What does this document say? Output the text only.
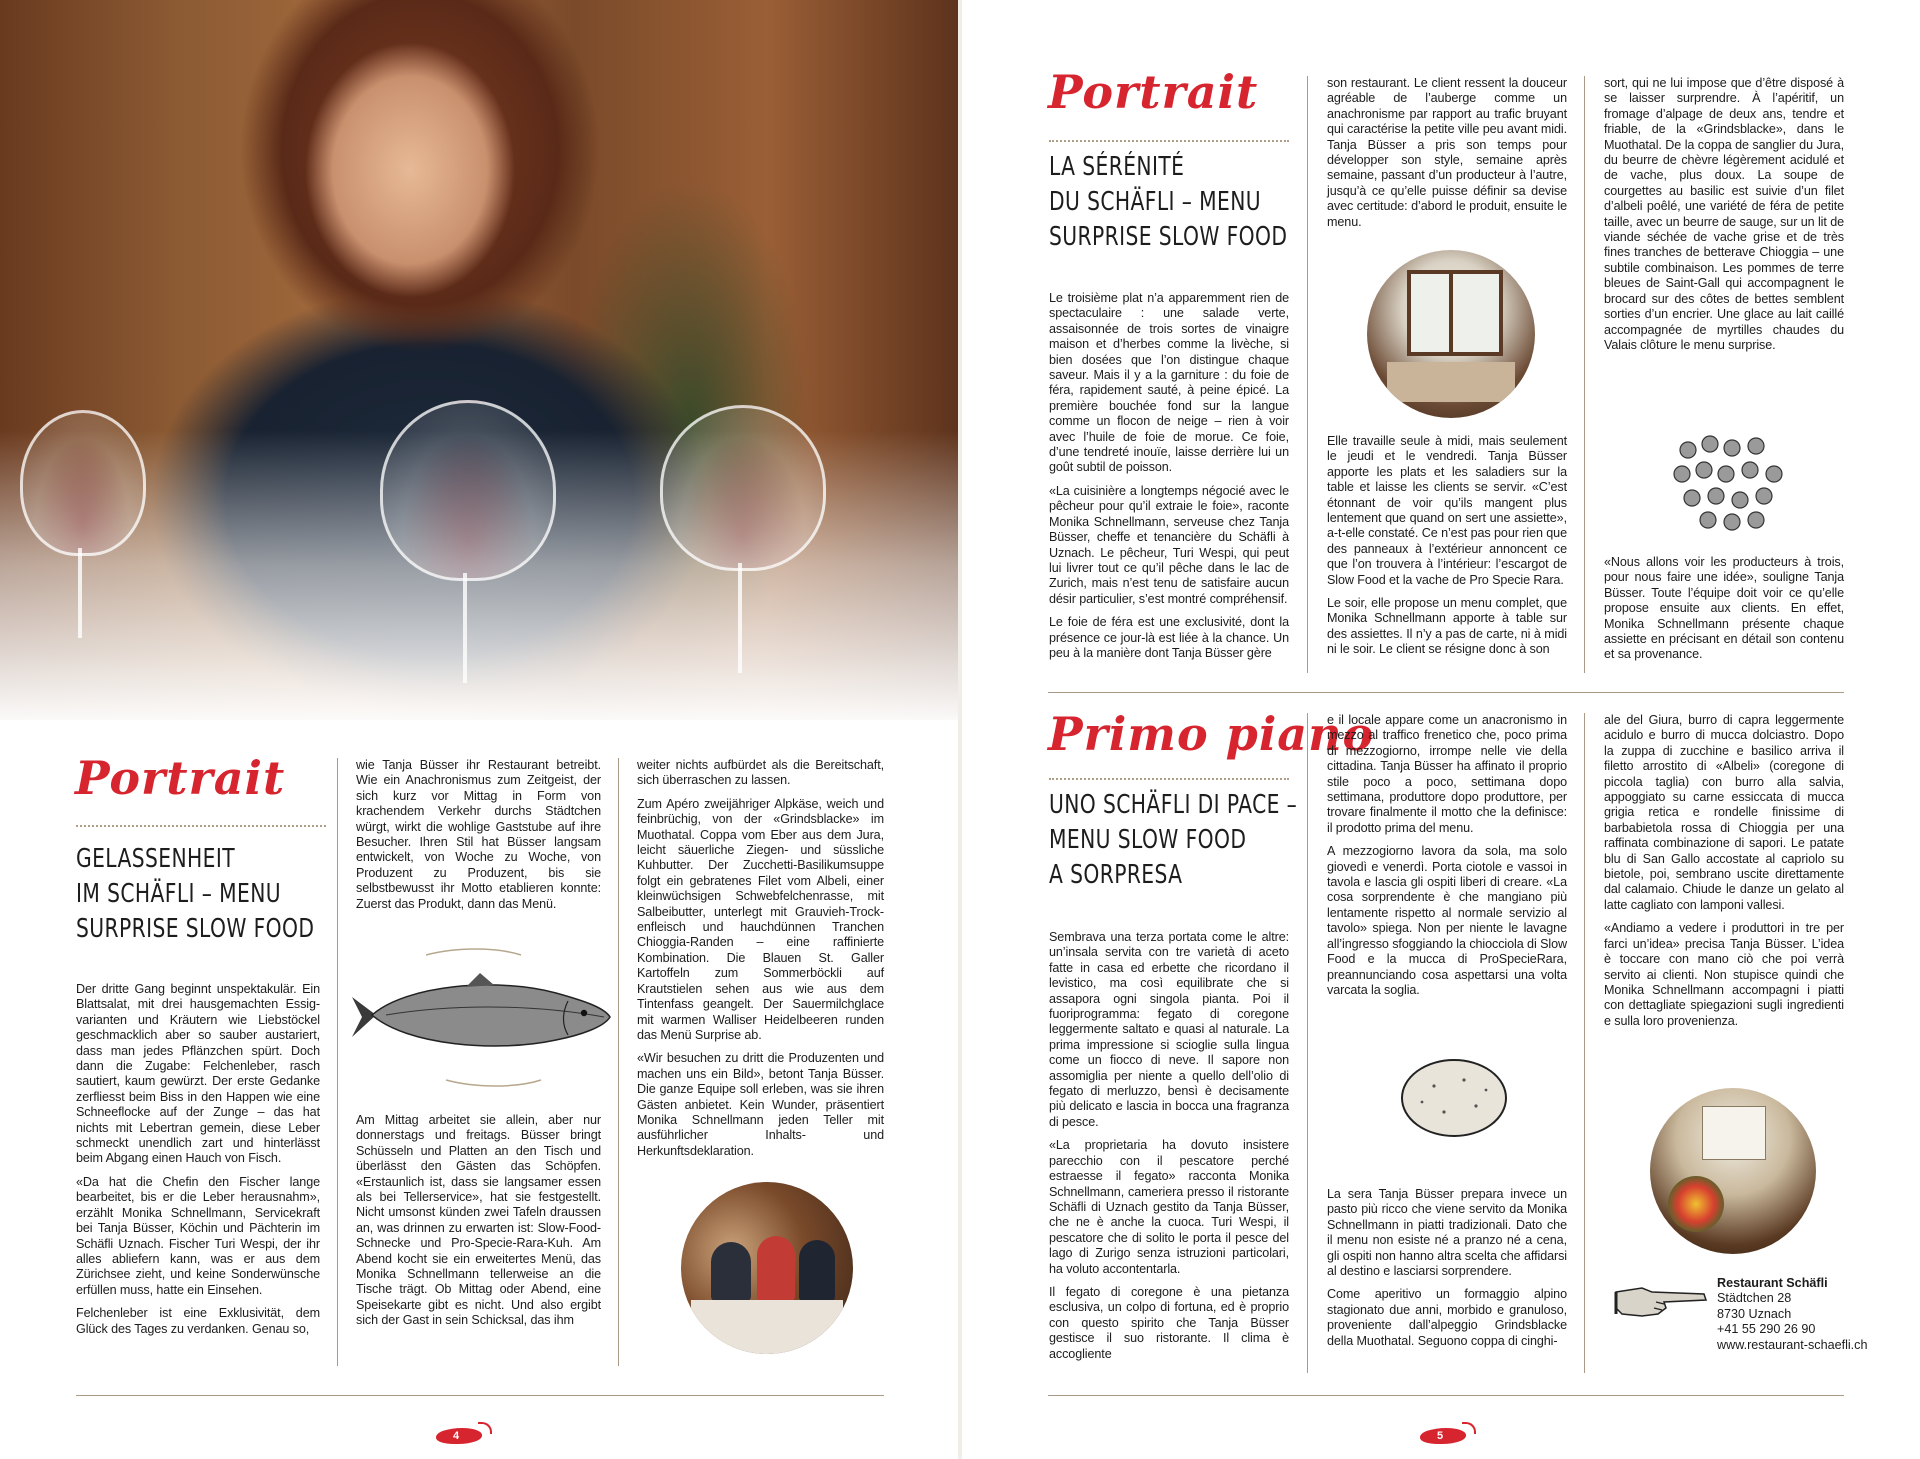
Portrait
GELASSENHEIT
IM SCHÄFLI – MENU
SURPRISE SLOW FOOD

Der dritte Gang beginnt unspektakulär. Ein Blattsalat, mit drei hausgemachten Essig-varianten und Kräutern wie Liebstöckel geschmacklich aber so sauber austariert, dass man jedes Pflänzchen spürt. Doch dann die Zugabe: Felchenleber, rasch sautiert, kaum gewürzt. Der erste Gedanke zerfliesst beim Biss in den Happen wie eine Schneeflocke auf der Zunge – das hat nichts mit Lebertran gemein, diese Leber schmeckt unendlich zart und hinterlässt beim Abgang einen Hauch von Fisch.

«Da hat die Chefin den Fischer lange bearbeitet, bis er die Leber herausnahm», erzählt Monika Schnellmann, Servicekraft bei Tanja Büsser, Köchin und Pächterin im Schäfli Uznach. Fischer Turi Wespi, der ihr alles abliefern kann, was er aus dem Zürichsee zieht, und keine Sonderwünsche erfüllen muss, hatte ein Einsehen.

Felchenleber ist eine Exklusivität, dem Glück des Tages zu verdanken. Genau so,

wie Tanja Büsser ihr Restaurant betreibt. Wie ein Anachronismus zum Zeitgeist, der sich kurz vor Mittag in Form von krachendem Verkehr durchs Städtchen würgt, wirkt die wohlige Gaststube auf ihre Besucher. Ihren Stil hat Büsser langsam entwickelt, von Woche zu Woche, von Produzent zu Produzent, bis sie selbstbewusst ihr Motto etablieren konnte: Zuerst das Produkt, dann das Menü.

Am Mittag arbeitet sie allein, aber nur donnerstags und freitags. Büsser bringt Schüsseln und Platten an den Tisch und überlässt den Gästen das Schöpfen. «Erstaunlich ist, dass sie langsamer essen als bei Tellerservice», hat sie festgestellt. Nicht umsonst künden zwei Tafeln draussen an, was drinnen zu erwarten ist: Slow-Food-Schnecke und Pro-Specie-Rara-Kuh. Am Abend kocht sie ein erweitertes Menü, das Monika Schnellmann tellerweise an die Tische trägt. Ob Mittag oder Abend, eine Speisekarte gibt es nicht. Und also ergibt sich der Gast in sein Schicksal, das ihm

weiter nichts aufbürdet als die Bereitschaft, sich überraschen zu lassen.

Zum Apéro zweijähriger Alpkäse, weich und feinbrüchig, von der «Grindsblacke» im Muothatal. Coppa vom Eber aus dem Jura, leicht säuerliche Ziegen- und süssliche Kuhbutter. Der Zucchetti-Basilikumsuppe folgt ein gebratenes Filet vom Albeli, einer kleinwüchsigen Schwebfelchenrasse, mit Salbeibutter, unterlegt mit Grauvieh-Trock-enfleisch und hauchdünnen Tranchen Chioggia-Randen – eine raffinierte Kombination. Die Blauen St. Galler Kartoffeln zum Sommerböckli auf Krautstielen sehen aus wie aus dem Tintenfass geangelt. Der Sauermilchglace mit warmen Walliser Heidelbeeren runden das Menü Surprise ab.

«Wir besuchen zu dritt die Produzenten und machen uns ein Bild», betont Tanja Büsser. Die ganze Equipe soll erleben, was sie ihren Gästen anbietet. Kein Wunder, präsentiert Monika Schnellmann jeden Teller mit ausführlicher Inhalts- und Herkunftsdeklaration.

4
Portrait
LA SÉRÉNITÉ
DU SCHÄFLI – MENU
SURPRISE SLOW FOOD

Le troisième plat n’a apparemment rien de spectaculaire : une salade verte, assaisonnée de trois sortes de vinaigre maison et d’herbes comme la livèche, si bien dosées que l’on distingue chaque saveur. Mais il y a la garniture : du foie de féra, rapidement sauté, à peine épicé. La première bouchée fond sur la langue comme un flocon de neige – rien à voir avec l’huile de foie de morue. Ce foie, d’une tendreté inouïe, laisse derrière lui un goût subtil de poisson.

«La cuisinière a longtemps négocié avec le pêcheur pour qu’il extraie le foie», raconte Monika Schnellmann, serveuse chez Tanja Büsser, cheffe et tenancière du Schäfli à Uznach. Le pêcheur, Turi Wespi, qui peut lui livrer tout ce qu’il pêche dans le lac de Zurich, mais n’est tenu de satisfaire aucun désir particulier, s’est montré compréhensif.

Le foie de féra est une exclusivité, dont la présence ce jour-là est liée à la chance. Un peu à la manière dont Tanja Büsser gère

son restaurant. Le client ressent la douceur agréable de l’auberge comme un anachronisme par rapport au trafic bruyant qui caractérise la petite ville peu avant midi. Tanja Büsser a pris son temps pour développer son style, semaine après semaine, passant d’un producteur à l’autre, jusqu’à ce qu’elle puisse définir sa devise avec certitude: d’abord le produit, ensuite le menu.

Elle travaille seule à midi, mais seulement le jeudi et le vendredi. Tanja Büsser apporte les plats et les saladiers sur la table et laisse les clients se servir. «C’est étonnant de voir qu’ils mangent plus lentement que quand on sert une assiette», a-t-elle constaté. Ce n’est pas pour rien que des panneaux à l’extérieur annoncent ce que l’on trouvera à l’intérieur: l’escargot de Slow Food et la vache de Pro Specie Rara.

Le soir, elle propose un menu complet, que Monika Schnellmann apporte à table sur des assiettes. Il n’y a pas de carte, ni à midi ni le soir. Le client se résigne donc à son

sort, qui ne lui impose que d’être disposé à se laisser surprendre. À l’apéritif, un fromage d’alpage de deux ans, tendre et friable, de la «Grindsblacke», dans le Muothatal. De la coppa de sanglier du Jura, du beurre de chèvre légèrement acidulé et de vache, plus doux. La soupe de courgettes au basilic est suivie d’un filet d’albeli poêlé, une variété de féra de petite taille, avec un beurre de sauge, sur un lit de viande séchée de vache grise et de très fines tranches de betterave Chioggia – une subtile combinaison. Les pommes de terre bleues de Saint-Gall qui accompagnent le brocard sur des côtes de bettes semblent sorties d’un encrier. Une glace au lait caillé accompagnée de myrtilles chaudes du Valais clôture le menu surprise.

«Nous allons voir les producteurs à trois, pour nous faire une idée», souligne Tanja Büsser. Toute l’équipe doit voir ce qu’elle propose ensuite aux clients. En effet, Monika Schnellmann présente chaque assiette en précisant en détail son contenu et sa provenance.

Primo piano
UNO SCHÄFLI DI PACE –
MENU SLOW FOOD
A SORPRESA

Sembrava una terza portata come le altre: un’insala servita con tre varietà di aceto fatte in casa ed erbette che ricordano il levistico, ma così equilibrate che si assapora ogni singola pianta. Poi il fuoriprogramma: fegato di coregone leggermente saltato e quasi al naturale. La prima impressione si scioglie sulla lingua come un fiocco di neve. Il sapore non assomiglia per niente a quello dell’olio di fegato di merluzzo, bensì è decisamente più delicato e lascia in bocca una fragranza di pesce.

«La proprietaria ha dovuto insistere parecchio con il pescatore perché estraesse il fegato» racconta Monika Schnellmann, cameriera presso il ristorante Schäfli di Uznach gestito da Tanja Büsser, che ne è anche la cuoca. Turi Wespi, il pescatore che di solito le porta il pesce del lago di Zurigo senza istruzioni particolari, ha voluto accontentarla.

Il fegato di coregone è una pietanza esclusiva, un colpo di fortuna, ed è proprio con questo spirito che Tanja Büsser gestisce il suo ristorante. Il clima è accogliente

e il locale appare come un anacronismo in mezzo al traffico frenetico che, poco prima di mezzogiorno, irrompe nelle vie della cittadina. Tanja Büsser ha affinato il proprio stile poco a poco, settimana dopo settimana, produttore dopo produttore, per trovare finalmente il motto che la definisce: il prodotto prima del menu.

A mezzogiorno lavora da sola, ma solo giovedì e venerdì. Porta ciotole e vassoi in tavola e lascia gli ospiti liberi di creare. «La cosa sorprendente è che mangiano più lentamente rispetto al normale servizio al tavolo» spiega. Non per niente le lavagne all’ingresso sfoggiando la chiocciola di Slow Food e la mucca di ProSpecieRara, preannunciando cosa aspettarsi una volta varcata la soglia.

La sera Tanja Büsser prepara invece un pasto più ricco che viene servito da Monika Schnellmann in piatti tradizionali. Dato che il menu non esiste né a pranzo né a cena, gli ospiti non hanno altra scelta che affidarsi al destino e lasciarsi sorprendere.

Come aperitivo un formaggio alpino stagionato due anni, morbido e granuloso, proveniente dall’alpeggio Grindsblacke della Muothatal. Seguono coppa di cinghi-

ale del Giura, burro di capra leggermente acidulo e burro di mucca dolciastro. Dopo la zuppa di zucchine e basilico arriva il filetto arrostito di «Albeli» (coregone di piccola taglia) con burro alla salvia, appoggiato su carne essiccata di mucca grigia retica e rondelle finissime di barbabietola rossa di Chioggia per una raffinata combinazione di sapori. Le patate blu di San Gallo accostate al capriolo su bietole, poi, sembrano uscite direttamente dal calamaio. Chiude le danze un gelato al latte cagliato con lamponi vallesi.

«Andiamo a vedere i produttori in tre per farci un’idea» precisa Tanja Büsser. L’idea è toccare con mano ciò che poi verrà servito ai clienti. Non stupisce quindi che Monika Schnellmann accompagni i piatti con dettagliate spiegazioni sugli ingredienti e sulla loro provenienza.

Restaurant Schäfli
Städtchen 28
8730 Uznach
+41 55 290 26 90
www.restaurant-schaefli.ch
5
